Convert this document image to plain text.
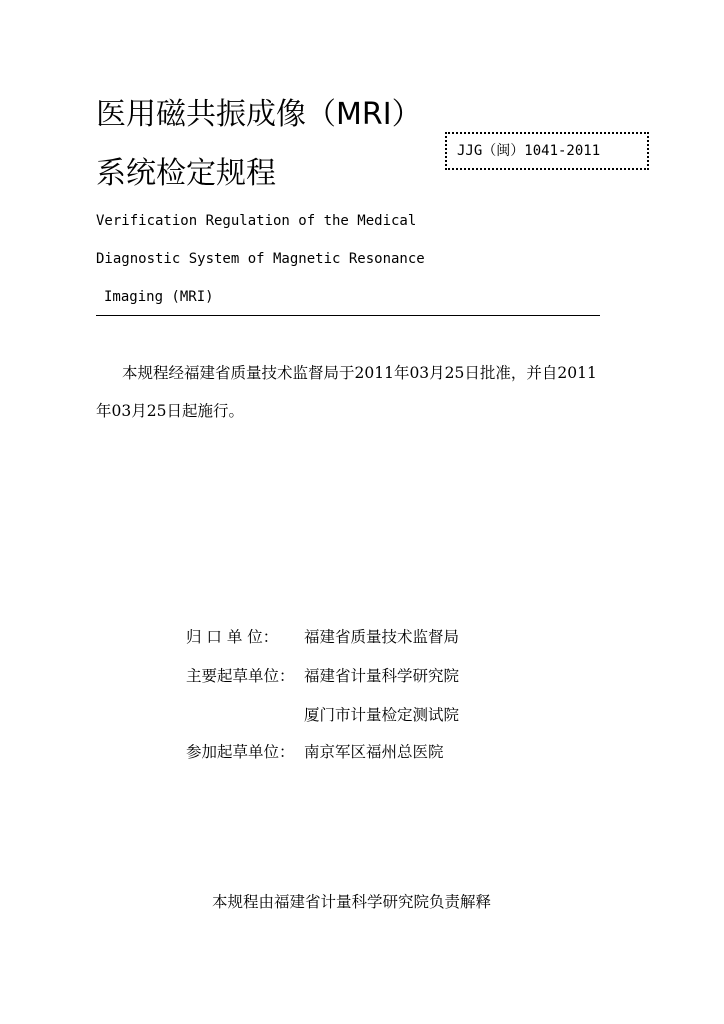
医用磁共振成像（MRI）
系统检定规程
JJG（闽）1041-2011
Verification Regulation of the Medical
Diagnostic System of Magnetic Resonance
Imaging (MRI)
本规程经福建省质量技术监督局于2011年03月25日批准，并自2011
年03月25日起施行。
归 口 单 位： 福建省质量技术监督局
主要起草单位： 福建省计量科学研究院
厦门市计量检定测试院
参加起草单位： 南京军区福州总医院
本规程由福建省计量科学研究院负责解释
